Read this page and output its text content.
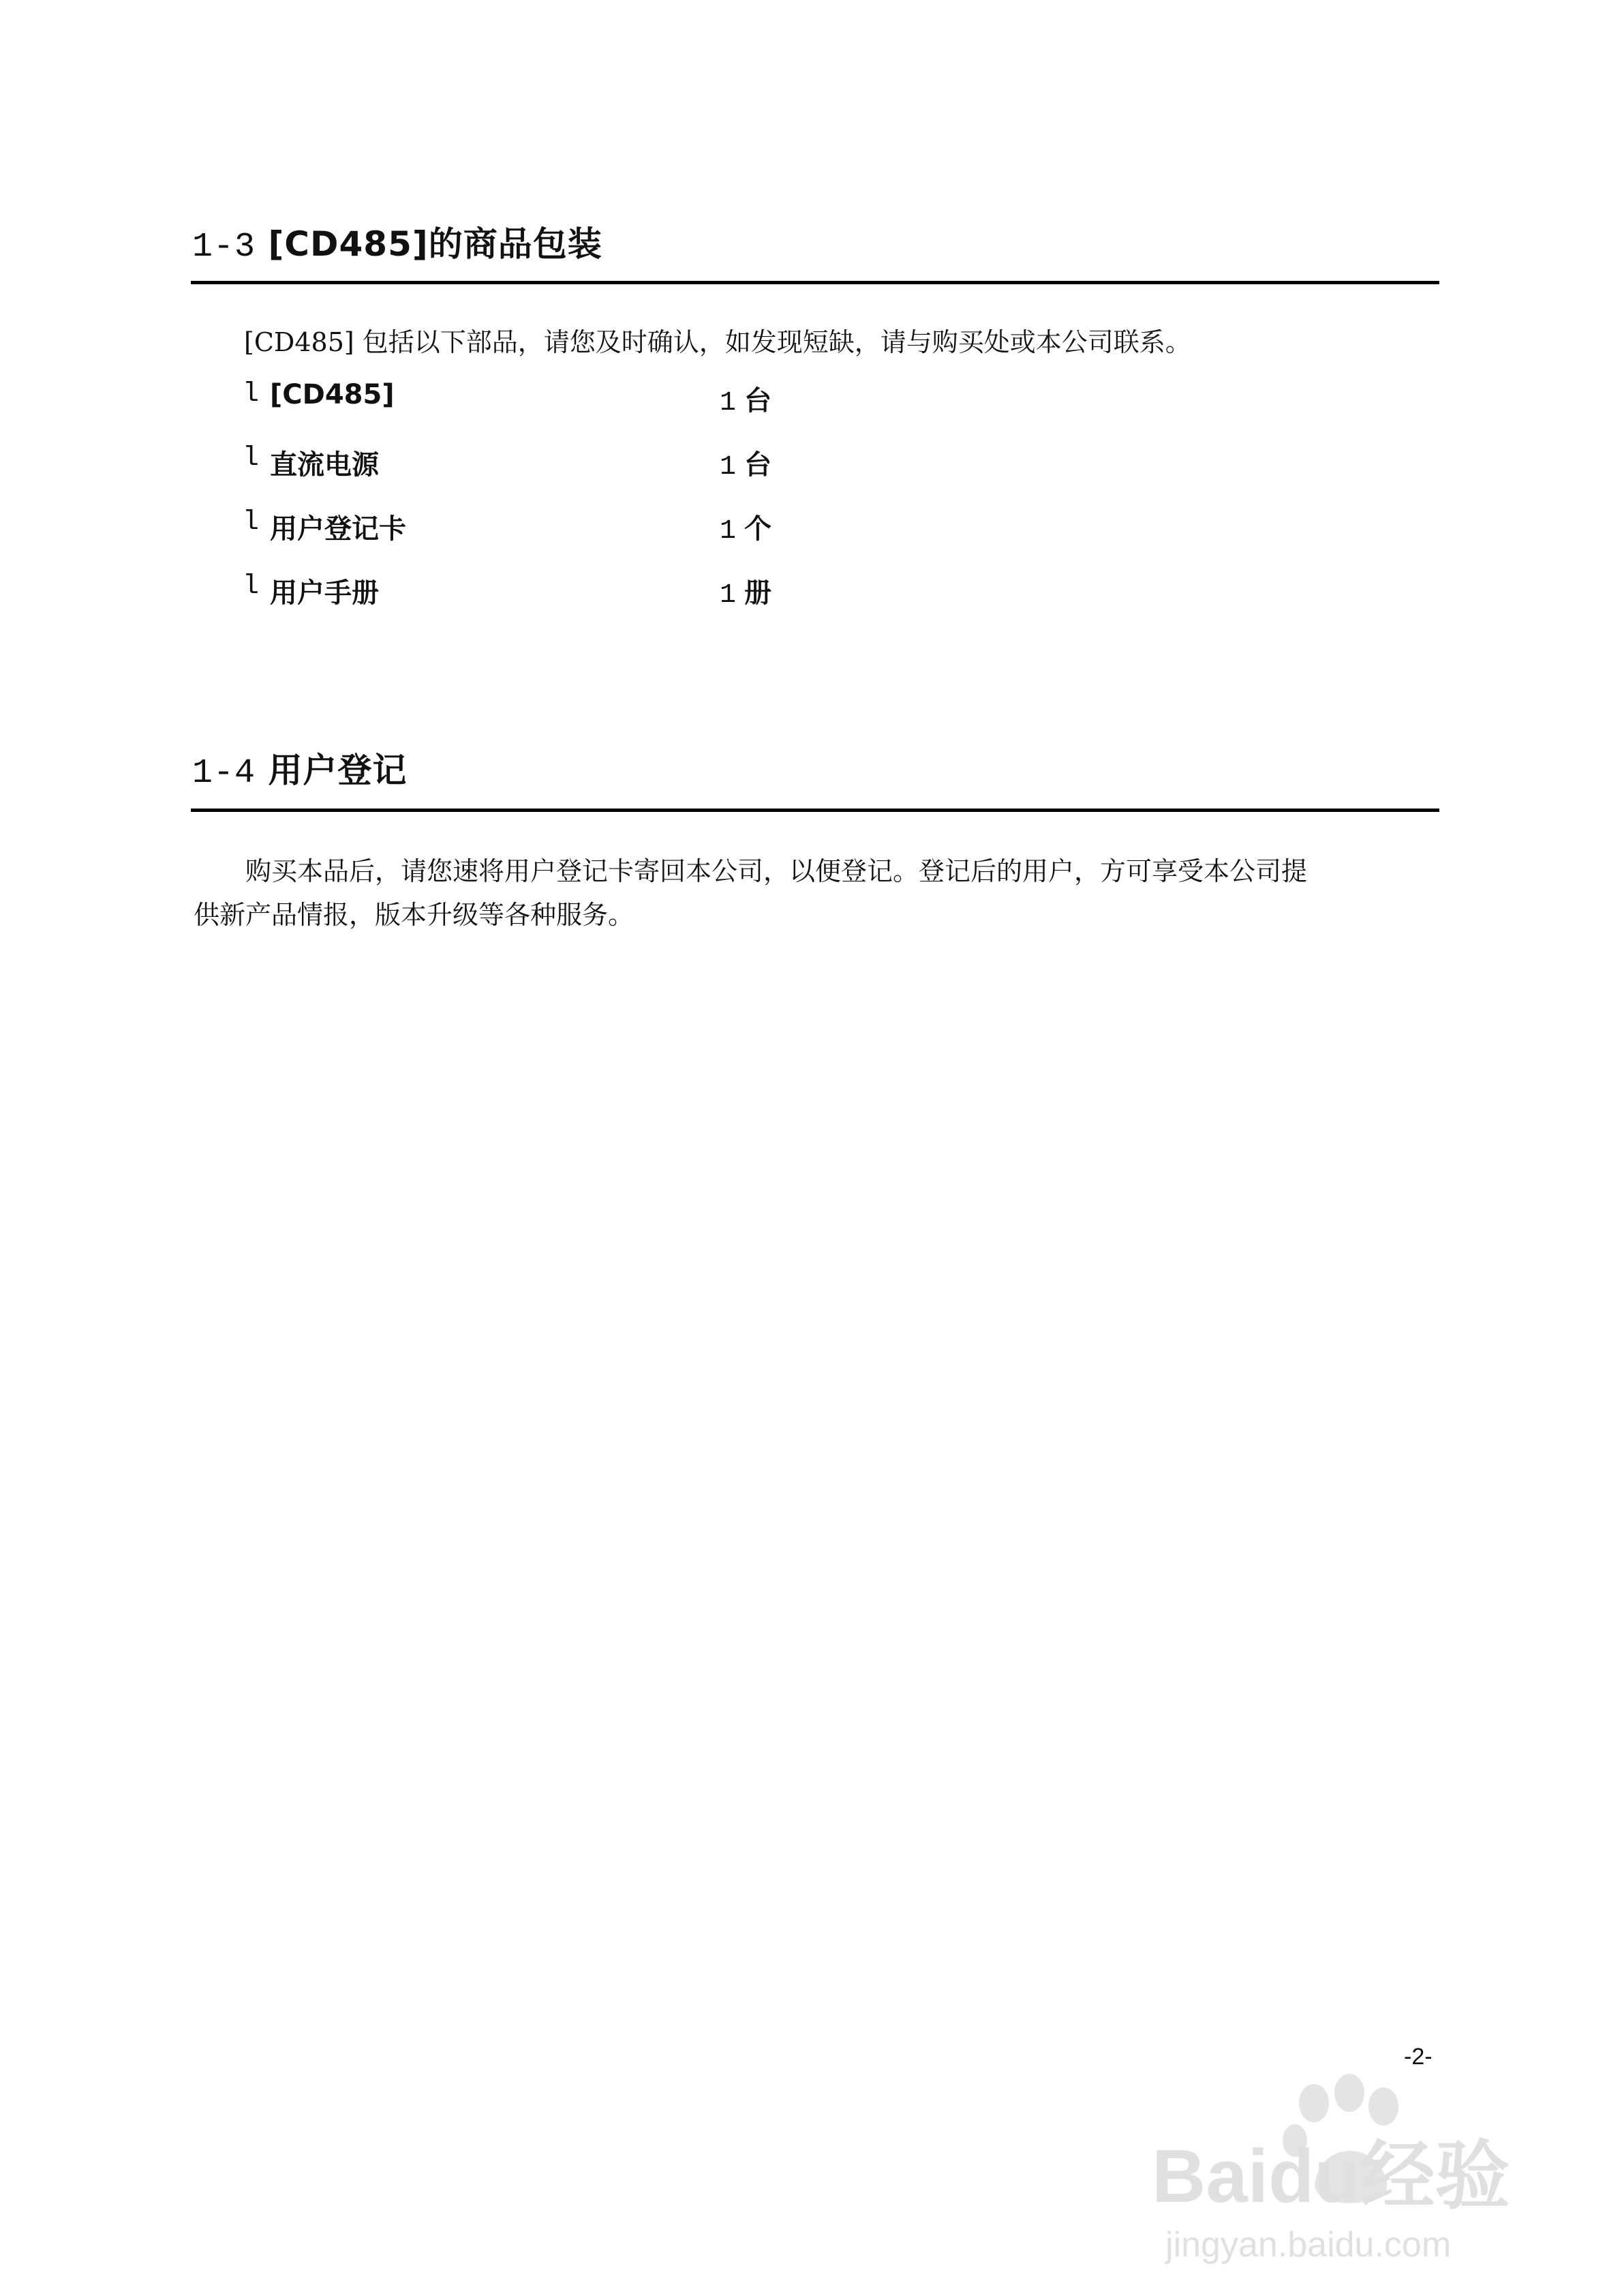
1-3 [CD485]的商品包装
[CD485] 包括以下部品，请您及时确认，如发现短缺，请与购买处或本公司联系。
l [CD485]	1 台
l 直流电源	1 台
l 用户登记卡	1 个
l 用户手册	1 册
1-4 用户登记
购买本品后，请您速将用户登记卡寄回本公司，以便登记。登记后的用户，方可享受本公司提
供新产品情报，版本升级等各种服务。
-2-
Baidu经验
jingyan.baidu.com
